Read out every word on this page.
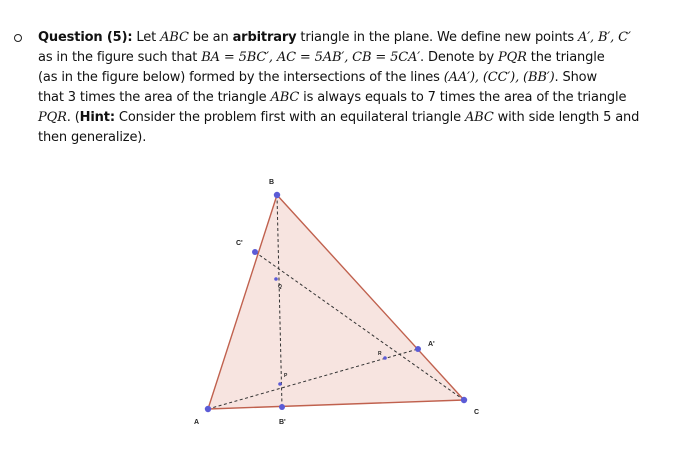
Question (5): Let ABC be an arbitrary triangle in the plane. We define new points A′, B′, C′
as in the figure such that BA = 5BC′, AC = 5AB′, CB = 5CA′. Denote by PQR the triangle
(as in the figure below) formed by the intersections of the lines (AA′), (CC′), (BB′). Show
that 3 times the area of the triangle ABC is always equals to 7 times the area of the triangle
PQR. (Hint: Consider the problem first with an equilateral triangle ABC with side length 5 and
then generalize).
A
B
C
A'
B'
C'
P
Q
R
